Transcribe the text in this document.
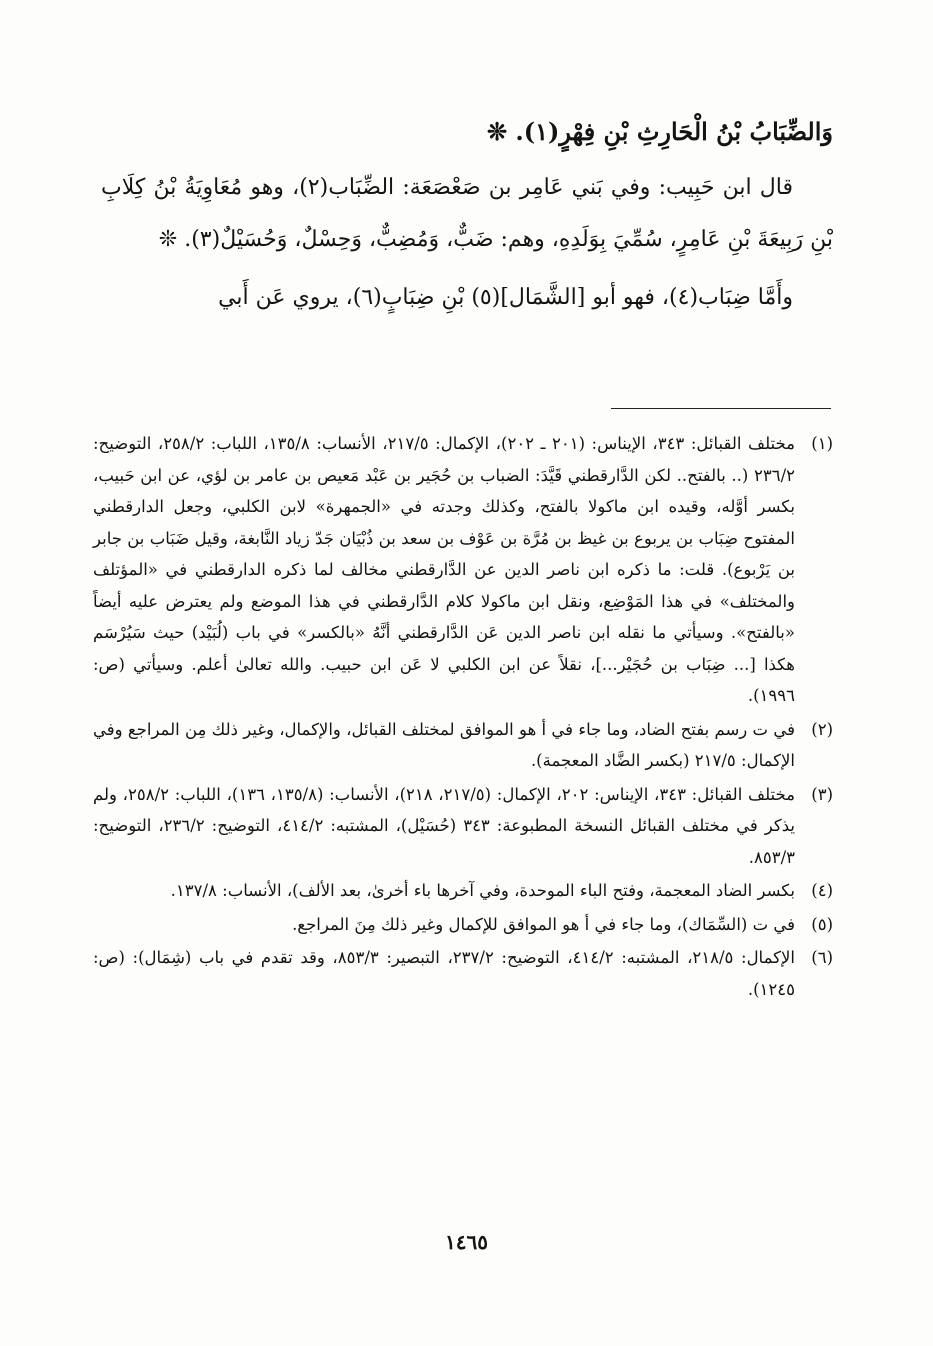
وَالضِّبَابُ بْنُ الْحَارِثِ بْنِ فِهْرٍ(١). ❊

قال ابن حَبِيب: وفي بَني عَامِر بن صَعْصَعَة: الضِّبَاب(٢)، وهو مُعَاوِيَةُ بْنُ كِلَابِ بْنِ رَبِيعَةَ بْنِ عَامِرٍ، سُمِّيَ بِوَلَدِهِ، وهم: ضَبٌّ، وَمُضِبٌّ، وَحِسْلٌ، وَحُسَيْلٌ(٣). ❊

وأَمَّا ضِبَاب(٤)، فهو أبو [الشَّمَال](٥) بْنِ ضِبَابٍ(٦)، يروي عَن أَبي

(١)
مختلف القبائل: ٣٤٣، الإيناس: (٢٠١ ـ ٢٠٢)، الإكمال: ٢١٧/٥، الأنساب: ١٣٥/٨، اللباب: ٢٥٨/٢، التوضيح: ٢٣٦/٢ (.. بالفتح.. لكن الدَّارقطني قَيَّدَ: الضباب بن حُجَير بن عَبْد مَعيص بن عامر بن لؤي، عن ابن حَبيب، بكسر أوَّله، وقيده ابن ماكولا بالفتح، وكذلك وجدته في «الجمهرة» لابن الكلبي، وجعل الدارقطني المفتوح ضِبَاب بن يربوع بن غيظ بن مُرَّة بن عَوْف بن سعد بن ذُبْيَان جَدّ زياد النَّابغة، وقيل ضَبَاب بن جابر بن يَرْبوع). قلت: ما ذكره ابن ناصر الدين عن الدَّارقطني مخالف لما ذكره الدارقطني في «المؤتلف والمختلف» في هذا المَوْضِع، ونقل ابن ماكولا كلام الدَّارقطني في هذا الموضع ولم يعترض عليه أيضاً «بالفتح». وسيأتي ما نقله ابن ناصر الدين عَن الدَّارقطني أنَّهُ «بالكسر» في باب (لُبَيْد) حيث سَيُرْسَم هكذا [... ضِبَاب بن حُجَيْر...]، نقلاً عن ابن الكلبي لا عَن ابن حبيب. والله تعالىٰ أعلم. وسيأتي (ص: ١٩٩٦).
(٢)
في ت رسم بفتح الضاد، وما جاء في أ هو الموافق لمختلف القبائل، والإكمال، وغير ذلك مِن المراجع وفي الإكمال: ٢١٧/٥ (بكسر الضَّاد المعجمة).
(٣)
مختلف القبائل: ٣٤٣، الإيناس: ٢٠٢، الإكمال: (٢١٧/٥، ٢١٨)، الأنساب: (١٣٥/٨، ١٣٦)، اللباب: ٢٥٨/٢، ولم يذكر في مختلف القبائل النسخة المطبوعة: ٣٤٣ (حُسَيْل)، المشتبه: ٤١٤/٢، التوضيح: ٢٣٦/٢، التوضيح: ٨٥٣/٣.
(٤)
بكسر الضاد المعجمة، وفتح الباء الموحدة، وفي آخرها باء أخرىٰ، بعد الألف)، الأنساب: ١٣٧/٨.
(٥)
في ت (السِّمَاك)، وما جاء في أ هو الموافق للإكمال وغير ذلك مِنَ المراجع.
(٦)
الإكمال: ٢١٨/٥، المشتبه: ٤١٤/٢، التوضيح: ٢٣٧/٢، التبصير: ٨٥٣/٣، وقد تقدم في باب (شِمَال): (ص: ١٢٤٥).
١٤٦٥
